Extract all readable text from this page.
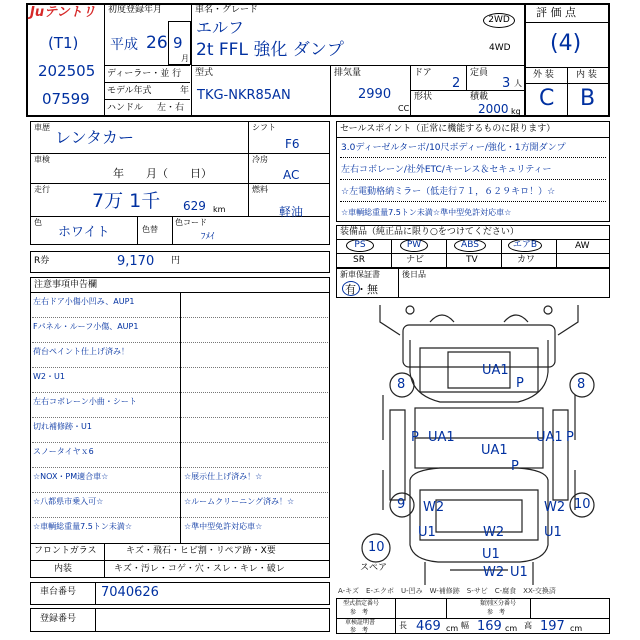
Juテントリ
(T1)
202505
07599
初度登録年月
平成 26 9
月
ディーラー・並 行
モデル年式	年
ハンドル 左・右
車名・グレード
エルフ
2t FFL 強化 ダンプ
2WD
4WD
型式
TKG-NKR85AN
排気量
2990
CC
ドア
2
定員
3 人
形状	積載
2000 kg
評 価 点
(4)
外 装 内 装
C B
車歴
レンタカー
車検
年　　月（　　日）
走行
7万 1千 629 km
色
ホワイト	色替
色コード
ﾌﾒｲ
シフト
F6
冷房
AC
燃料
軽油
R券	9,170 円
セールスポイント（正常に機能するものに限ります）
3.0ディーゼルターボ/10尺ボディー/強化・1方開ダンプ
左右コボレーン/社外ETC/キーレス＆セキュリティー
☆左電動格納ミラー（低走行７１，６２９キロ！）☆
☆車輌総重量7.5トン未満☆準中型免許対応車☆
装備品（純正品に限り○をつけてください）
PS	PW	ABS	エアB	AW
SR	ナビ	TV	カワ
新車保証書
有・無
後日品
注意事項申告欄
左右ドア小傷小凹み、AUP1
Fパネル・ルーフ小傷、AUP1
荷台ペイント仕上げ済み！
W2・U1
左右コボレーン小曲・シート
切れ補修跡・U1
スノータイヤｘ6
☆NOX・PM適合車☆
☆八都県市乗入可☆
☆車輌総重量7.5トン未満☆
☆展示仕上げ済み！☆
☆ルームクリーニング済み！☆
☆準中型免許対応車☆
フロントガラス	キズ・飛石・ヒビ割・リペア跡・X要
内装	キズ・汚レ・コゲ・穴・スレ・キレ・破レ
車台番号 7040626
登録番号
UA1
P
P UA1	UA1 P
UA1
P
W2
U1
W2
U1
W2
U1
W2 U1
8	8
9	10
10
スペア
A-キズ　E-エクボ　U-凹み　W-補修跡　S-サビ　C-腐食　XX-交換済
型式指定番号
参　考
類別区分番号
参　考
車検証明書
参　考
長 469 cm 幅 169 cm 高 197 cm
